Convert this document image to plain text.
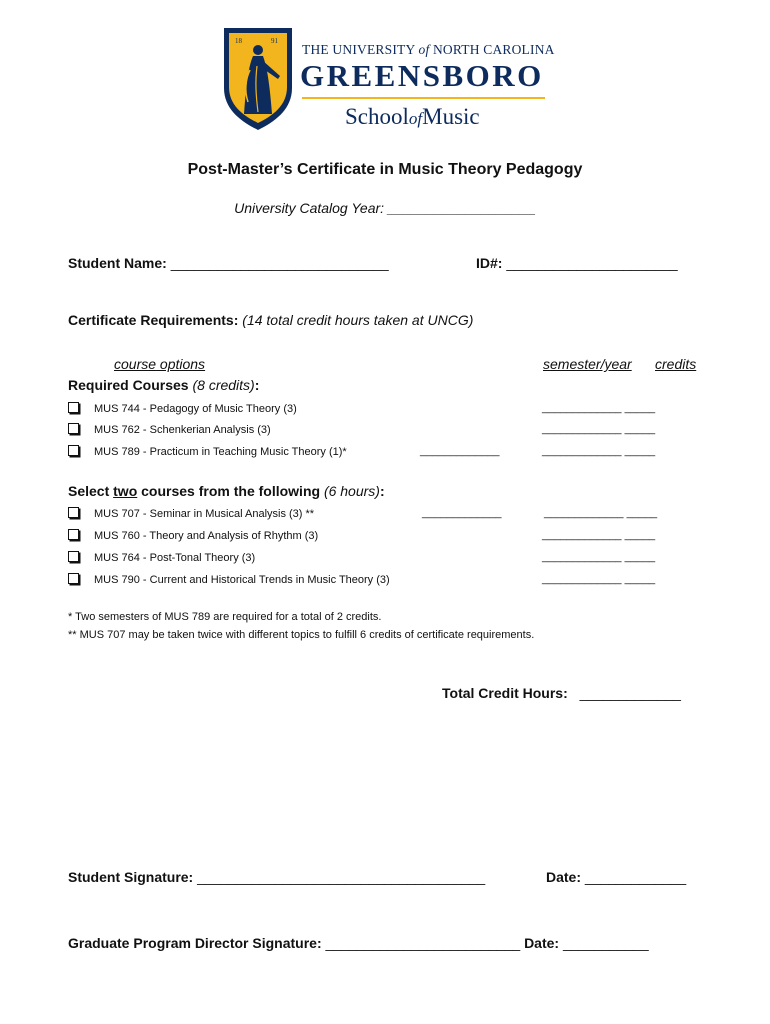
18	91
THE UNIVERSITY of NORTH CAROLINA
GREENSBORO
SchoolofMusic
Post-Master’s Certificate in Music Theory Pedagogy
University Catalog Year: ___________________
Student Name: ____________________________	ID#: ______________________
Certificate Requirements: (14 total credit hours taken at UNCG)
course options	semester/year credits
Required Courses (8 credits):
MUS 744 - Pedagogy of Music Theory (3)	_____________ _____
MUS 762 - Schenkerian Analysis (3)	_____________ _____
MUS 789 - Practicum in Teaching Music Theory (1)*	_____________	_____________ _____
Select two courses from the following (6 hours):
MUS 707 - Seminar in Musical Analysis (3) **	_____________	_____________ _____
MUS 760 - Theory and Analysis of Rhythm (3)	_____________ _____
MUS 764 - Post-Tonal Theory (3)	_____________ _____
MUS 790 - Current and Historical Trends in Music Theory (3)	_____________ _____
* Two semesters of MUS 789 are required for a total of 2 credits.
** MUS 707 may be taken twice with different topics to fulfill 6 credits of certificate requirements.
Total Credit Hours: _____________
Student Signature: _____________________________________	Date: _____________
Graduate Program Director Signature: _________________________ Date: ___________
